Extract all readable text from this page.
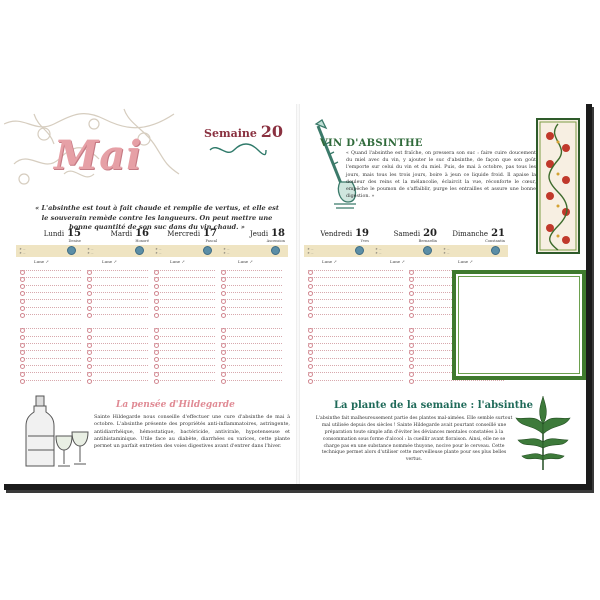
Mai	Semaine 20
« L'absinthe est tout à fait chaude et remplie de vertus, et elle est le souverain remède contre les langueurs. On peut mettre une bonne quantité de son suc dans du vin chaud. »
Lundi 15
Denise
☀ ···
☀ ···
Lune ↗
Mardi 16
Honoré
☀ ···
☀ ···
Lune ↗
Mercredi 17
Pascal
☀ ···
☀ ···
Lune ↗
Jeudi 18
Ascension
☀ ···
☀ ···
Lune ↗
La pensée d'Hildegarde
Sainte Hildegarde nous conseille d'effectuer une cure d'absinthe de mai à octobre. L'absinthe présente des propriétés anti-inflammatoires, astringente, antidiarrhéique, hémostatique, bactéricide, antivirale, hypotenseuse et antihistaminique. Utile face au diabète, diarrhées ou varices, cette plante permet un parfait entretien des voies digestives avant d'entrer dans l'hiver.
VIN D'ABSINTHE
« Quand l'absinthe est fraîche, on pressera son suc : faire cuire doucement du miel avec du vin, y ajouter le suc d'absinthe, de façon que son goût l'emporte sur celui du vin et du miel. Puis, de mai à octobre, pas tous les jours, mais tous les trois jours, boire à jeun ce liquide froid. Il apaise la douleur des reins et la mélancolie, éclaircit la vue, réconforte le cœur, empêche le poumon de s'affaiblir, purge les entrailles et assure une bonne digestion. »
Vendredi 19
Yves
☀ ···
☀ ···
Lune ↗
Samedi 20
Bernardin
☀ ···
☀ ···
Lune ↗
Dimanche 21
Constantin
☀ ···
☀ ···
Lune ↗
La plante de la semaine : l'absinthe
L'absinthe fait malheureusement partie des plantes mal-aimées. Elle semble surtout mal utilisée depuis des siècles ! Sainte Hildegarde avait pourtant conseillé une préparation toute simple afin d'éviter les déviances mentales constatées à la consommation sous forme d'alcool : la cueillir avant floraison. Ainsi, elle ne se charge pas en une substance nommée thuyone, nocive pour le cerveau. Cette technique permet alors d'utiliser cette merveilleuse plante pour ses plus belles vertus.
